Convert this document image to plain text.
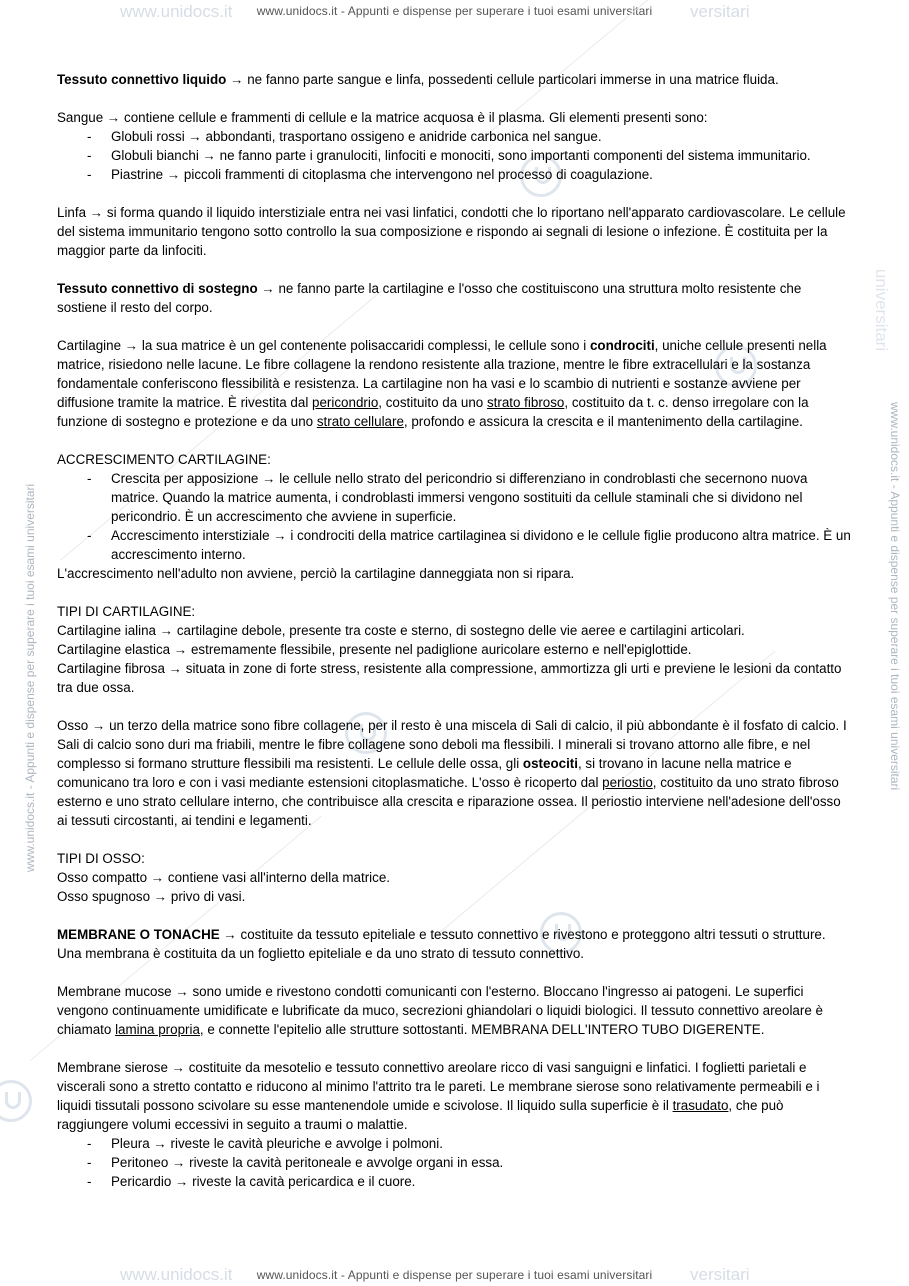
www.unidocs.it	versitari
www.unidocs.it - Appunti e dispense per superare i tuoi esami universitari
www.unidocs.it - Appunti e dispense per superare i tuoi esami universitari	www.unidocs.it - Appunti e dispense per superare i tuoi esami universitari
universitari

Tessuto connettivo liquido → ne fanno parte sangue e linfa, possedenti cellule particolari immerse in una matrice fluida.

Sangue → contiene cellule e frammenti di cellule e la matrice acquosa è il plasma. Gli elementi presenti sono:

-	Globuli rossi → abbondanti, trasportano ossigeno e anidride carbonica nel sangue.
-	Globuli bianchi → ne fanno parte i granulociti, linfociti e monociti, sono importanti componenti del sistema immunitario.
-	Piastrine → piccoli frammenti di citoplasma che intervengono nel processo di coagulazione.

Linfa → si forma quando il liquido interstiziale entra nei vasi linfatici, condotti che lo riportano nell'apparato cardiovascolare. Le cellule del sistema immunitario tengono sotto controllo la sua composizione e rispondo ai segnali di lesione o infezione. È costituita per la maggior parte da linfociti.

Tessuto connettivo di sostegno → ne fanno parte la cartilagine e l'osso che costituiscono una struttura molto resistente che sostiene il resto del corpo.

Cartilagine → la sua matrice è un gel contenente polisaccaridi complessi, le cellule sono i condrociti, uniche cellule presenti nella matrice, risiedono nelle lacune. Le fibre collagene la rendono resistente alla trazione, mentre le fibre extracellulari e la sostanza fondamentale conferiscono flessibilità e resistenza. La cartilagine non ha vasi e lo scambio di nutrienti e sostanze avviene per diffusione tramite la matrice. È rivestita dal pericondrio, costituito da uno strato fibroso, costituito da t. c. denso irregolare con la funzione di sostegno e protezione e da uno strato cellulare, profondo e assicura la crescita e il mantenimento della cartilagine.

ACCRESCIMENTO CARTILAGINE:

-	Crescita per apposizione → le cellule nello strato del pericondrio si differenziano in condroblasti che secernono nuova matrice. Quando la matrice aumenta, i condroblasti immersi vengono sostituiti da cellule staminali che si dividono nel pericondrio. È un accrescimento che avviene in superficie.
-	Accrescimento interstiziale → i condrociti della matrice cartilaginea si dividono e le cellule figlie producono altra matrice. È un accrescimento interno.

L'accrescimento nell'adulto non avviene, perciò la cartilagine danneggiata non si ripara.

TIPI DI CARTILAGINE:

Cartilagine ialina → cartilagine debole, presente tra coste e sterno, di sostegno delle vie aeree e cartilagini articolari.

Cartilagine elastica → estremamente flessibile, presente nel padiglione auricolare esterno e nell'epiglottide.

Cartilagine fibrosa → situata in zone di forte stress, resistente alla compressione, ammortizza gli urti e previene le lesioni da contatto tra due ossa.

Osso → un terzo della matrice sono fibre collagene, per il resto è una miscela di Sali di calcio, il più abbondante è il fosfato di calcio. I Sali di calcio sono duri ma friabili, mentre le fibre collagene sono deboli ma flessibili. I minerali si trovano attorno alle fibre, e nel complesso si formano strutture flessibili ma resistenti. Le cellule delle ossa, gli osteociti, si trovano in lacune nella matrice e comunicano tra loro e con i vasi mediante estensioni citoplasmatiche. L'osso è ricoperto dal periostio, costituito da uno strato fibroso esterno e uno strato cellulare interno, che contribuisce alla crescita e riparazione ossea. Il periostio interviene nell'adesione dell'osso ai tessuti circostanti, ai tendini e legamenti.

TIPI DI OSSO:

Osso compatto → contiene vasi all'interno della matrice.

Osso spugnoso → privo di vasi.

MEMBRANE O TONACHE → costituite da tessuto epiteliale e tessuto connettivo e rivestono e proteggono altri tessuti o strutture. Una membrana è costituita da un foglietto epiteliale e da uno strato di tessuto connettivo.

Membrane mucose → sono umide e rivestono condotti comunicanti con l'esterno. Bloccano l'ingresso ai patogeni. Le superfici vengono continuamente umidificate e lubrificate da muco, secrezioni ghiandolari o liquidi biologici. Il tessuto connettivo areolare è chiamato lamina propria, e connette l'epitelio alle strutture sottostanti. MEMBRANA DELL'INTERO TUBO DIGERENTE.

Membrane sierose → costituite da mesotelio e tessuto connettivo areolare ricco di vasi sanguigni e linfatici. I foglietti parietali e viscerali sono a stretto contatto e riducono al minimo l'attrito tra le pareti. Le membrane sierose sono relativamente permeabili e i liquidi tissutali possono scivolare su esse mantenendole umide e scivolose. Il liquido sulla superficie è il trasudato, che può raggiungere volumi eccessivi in seguito a traumi o malattie.

-	Pleura → riveste le cavità pleuriche e avvolge i polmoni.
-	Peritoneo → riveste la cavità peritoneale e avvolge organi in essa.
-	Pericardio → riveste la cavità pericardica e il cuore.
www.unidocs.it	versitari
www.unidocs.it - Appunti e dispense per superare i tuoi esami universitari
